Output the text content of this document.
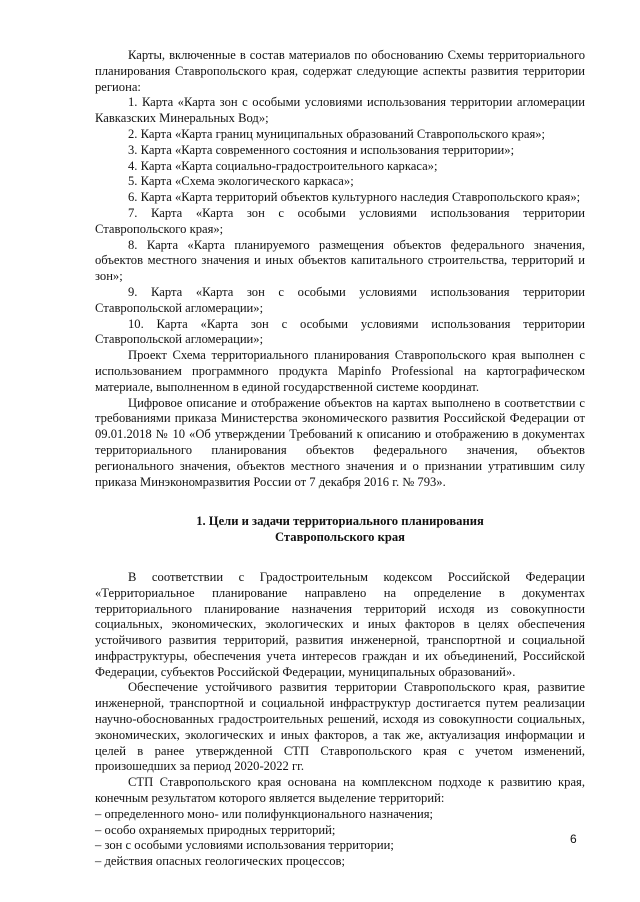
Карты, включенные в состав материалов по обоснованию Схемы территориального планирования Ставропольского края, содержат следующие аспекты развития территории региона:

1. Карта «Карта зон с особыми условиями использования территории агломерации Кавказских Минеральных Вод»;

2. Карта «Карта границ муниципальных образований Ставропольского края»;

3. Карта «Карта современного состояния и использования территории»;

4. Карта «Карта социально-градостроительного каркаса»;

5. Карта «Схема экологического каркаса»;

6. Карта «Карта территорий объектов культурного наследия Ставропольского края»;

7. Карта «Карта зон с особыми условиями использования территории Ставропольского края»;

8. Карта «Карта планируемого размещения объектов федерального значения, объектов местного значения и иных объектов капитального строительства, территорий и зон»;

9. Карта «Карта зон с особыми условиями использования территории Ставропольской агломерации»;

10. Карта «Карта зон с особыми условиями использования территории Ставропольской агломерации»;

Проект Схема территориального планирования Ставропольского края выполнен с использованием программного продукта Mapinfo Professional на картографическом материале, выполненном в единой государственной системе координат.

Цифровое описание и отображение объектов на картах выполнено в соответствии с требованиями приказа Министерства экономического развития Российской Федерации от 09.01.2018 № 10 «Об утверждении Требований к описанию и отображению в документах территориального планирования объектов федерального значения, объектов регионального значения, объектов местного значения и о признании утратившим силу приказа Минэкономразвития России от 7 декабря 2016 г. № 793».

1. Цели и задачи территориального планирования
Ставропольского края

В соответствии с Градостроительным кодексом Российской Федерации «Территориальное планирование направлено на определение в документах территориального планирование назначения территорий исходя из совокупности социальных, экономических, экологических и иных факторов в целях обеспечения устойчивого развития территорий, развития инженерной, транспортной и социальной инфраструктуры, обеспечения учета интересов граждан и их объединений, Российской Федерации, субъектов Российской Федерации, муниципальных образований».

Обеспечение устойчивого развития территории Ставропольского края, развитие инженерной, транспортной и социальной инфраструктур достигается путем реализации научно-обоснованных градостроительных решений, исходя из совокупности социальных, экономических, экологических и иных факторов, а так же, актуализация информации и целей в ранее утвержденной СТП Ставропольского края с учетом изменений, произошедших за период 2020-2022 гг.

СТП Ставропольского края основана на комплексном подходе к развитию края, конечным результатом которого является выделение территорий:

– определенного моно- или полифункционального назначения;

– особо охраняемых природных территорий;

– зон с особыми условиями использования территории;

– действия опасных геологических процессов;

6
